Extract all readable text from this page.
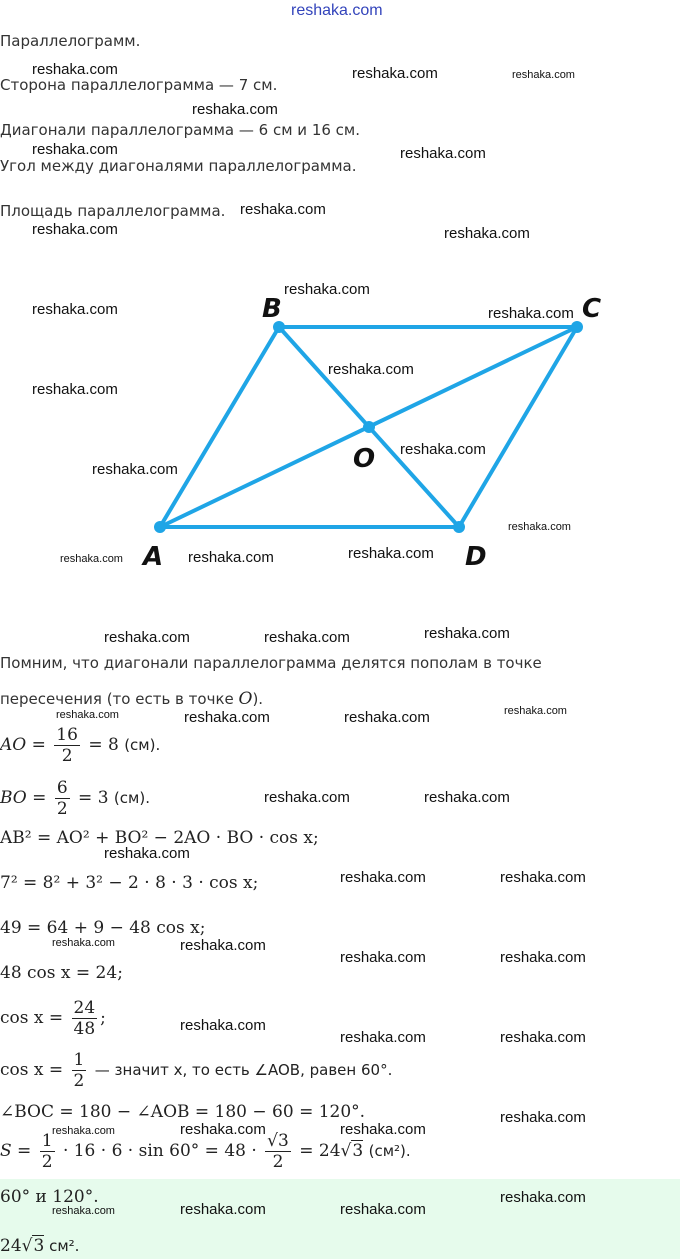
reshaka.com
Параллелограмм.
Сторона параллелограмма — 7 см.
Диагонали параллелограмма — 6 см и 16 см.
Угол между диагоналями параллелограмма.
Площадь параллелограмма.
A
B	C
D
O
Помним, что диагонали параллелограмма делятся пополам в точке
пересечения (то есть в точке O).
AO = $\frac{16}{2} = 8$ (см).
BO = $\frac{6}{2} = 3$ (см).
AB² = AO² + BO² − 2AO · BO · cos x;
7² = 8² + 3² − 2 · 8 · 3 · cos x;
49 = 64 + 9 − 48 cos x;
48 cos x = 24;
$\cos x = \frac{24}{48}$ ;
$\cos x = \frac{1}{2}$ — значит x, то есть ∠AOB, равен 60°.
∠BOC = 180 − ∠AOB = 180 − 60 = 120°.
$S = \frac{1}{2} \cdot 16 \cdot 6 \cdot \sin 60^\circ = 48 \cdot \frac{√3}{2} = 24√3$ (см²).
60° и 120°.
24√3 см².
reshaka.com	reshaka.com	reshaka.com
reshaka.com
reshaka.com	reshaka.com
reshaka.com
reshaka.com	reshaka.com
reshaka.com
reshaka.com	reshaka.com
reshaka.com
reshaka.com
reshaka.com
reshaka.com
reshaka.com
reshaka.com	reshaka.com
reshaka.com
reshaka.com
reshaka.com	reshaka.com
reshaka.com
reshaka.com	reshaka.com
reshaka.com
reshaka.com	reshaka.com
reshaka.com
reshaka.com	reshaka.com
reshaka.com	reshaka.com
reshaka.com	reshaka.com
reshaka.com
reshaka.com	reshaka.com
reshaka.com
reshaka.com	reshaka.com	reshaka.com
reshaka.com
reshaka.com	reshaka.com	reshaka.com
